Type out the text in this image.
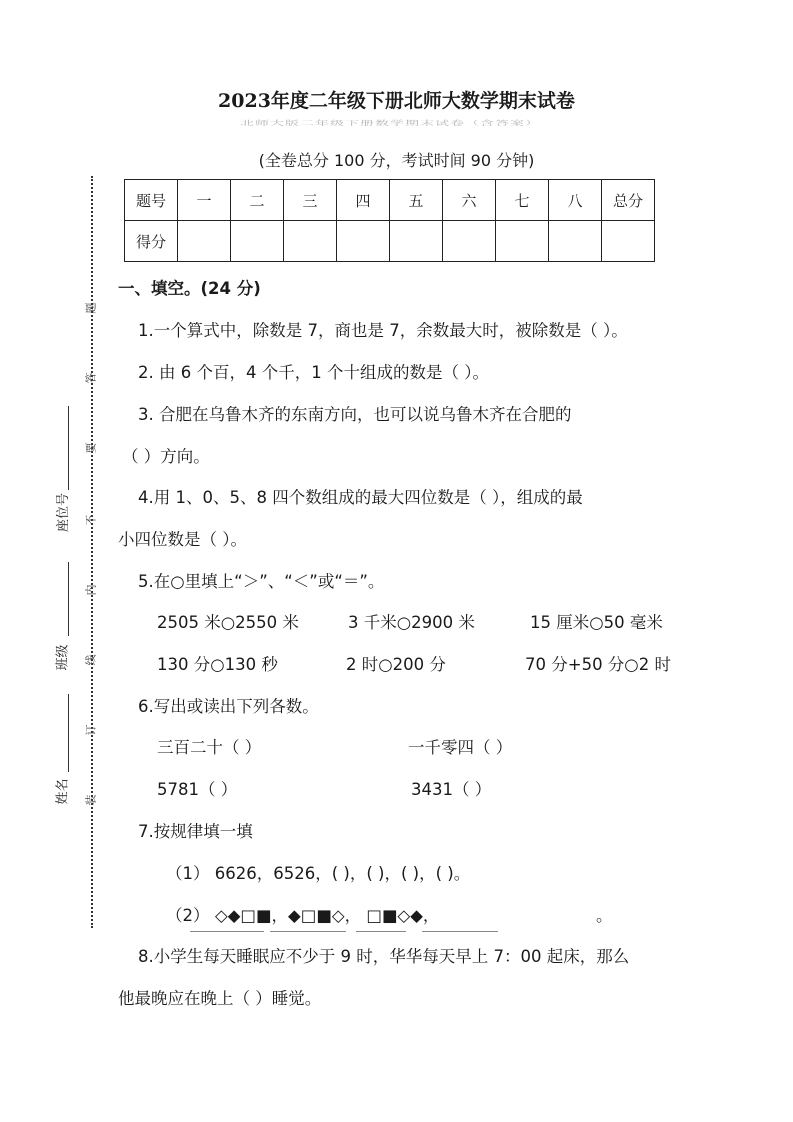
2023年度二年级下册北师大数学期末试卷
北师大版二年级下册数学期末试卷（含答案）
(全卷总分 100 分，考试时间 90 分钟)
题号	一	二	三	四	五	六	七	八	总分
得分									
题
答
要
不
内
线
订
装
座位号
班级
姓名
一、填空。(24 分)
1.一个算式中，除数是 7，商也是 7，余数最大时，被除数是（ ）。
2. 由 6 个百，4 个千，1 个十组成的数是（ ）。
3. 合肥在乌鲁木齐的东南方向，也可以说乌鲁木齐在合肥的
（ ）方向。
4.用 1、0、5、8 四个数组成的最大四位数是（ ），组成的最
小四位数是（ ）。
5.在○里填上“＞”、“＜”或“＝”。
2505 米○2550 米	3 千米○2900 米	15 厘米○50 毫米
130 分○130 秒	2 时○200 分	70 分+50 分○2 时
6.写出或读出下列各数。
三百二十（ ）	一千零四（ ）
5781（ ）	3431（ ）
7.按规律填一填
（1） 6626，6526，( )，( )，( )，( )。
（2） ◇◆□■，◆□■◇， □■◇◆，	。
8.小学生每天睡眠应不少于 9 时，华华每天早上 7：00 起床，那么
他最晚应在晚上（ ）睡觉。
